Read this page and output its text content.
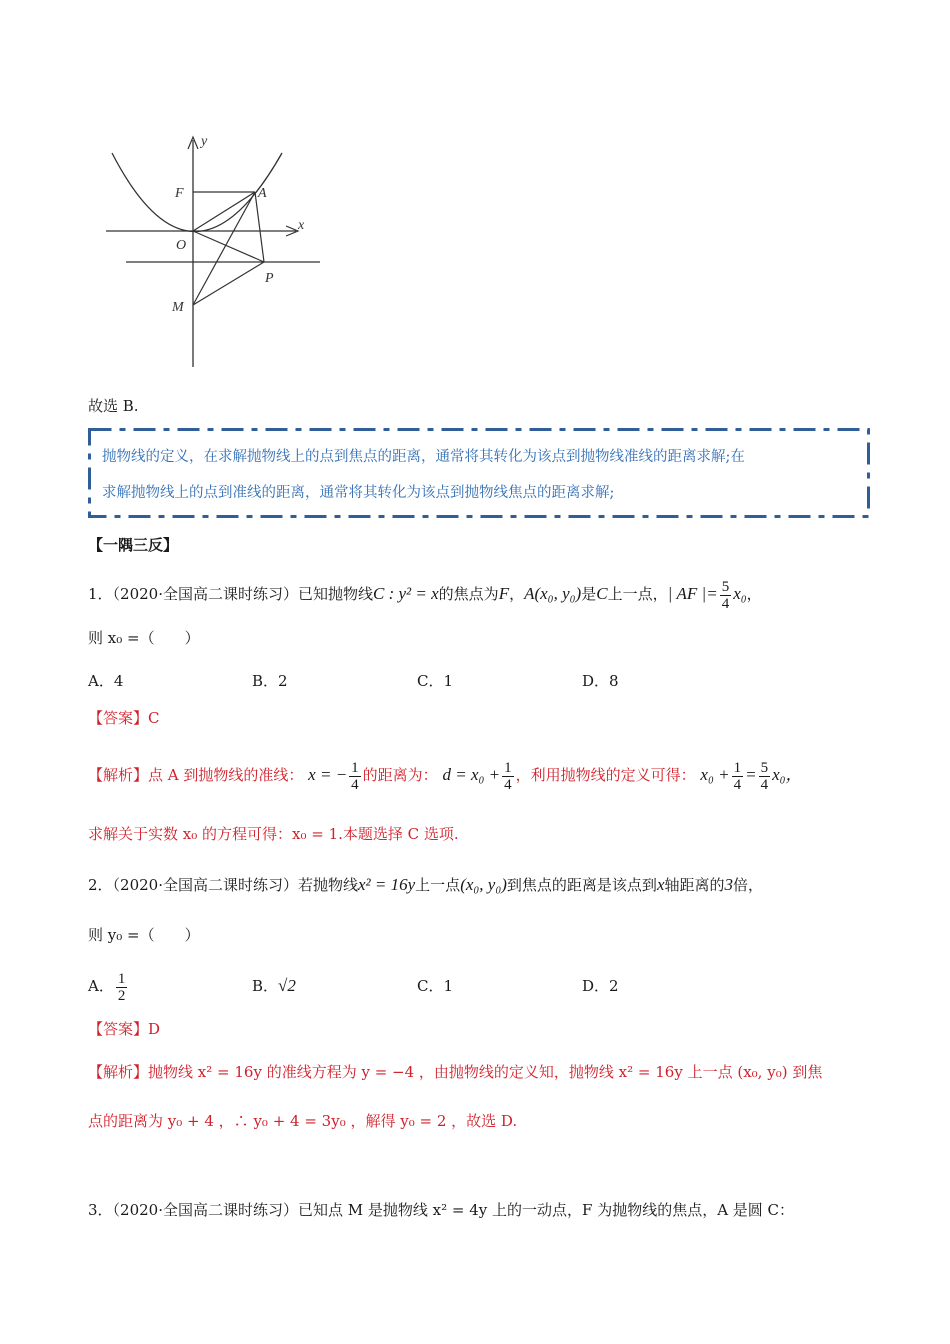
y
x
F	A
O
P
M
故选 B.
抛物线的定义，在求解抛物线上的点到焦点的距离，通常将其转化为该点到抛物线准线的距离求解;在
求解抛物线上的点到准线的距离，通常将其转化为该点到抛物线焦点的距离求解;
【一隅三反】
1．（2020·全国高二课时练习）已知抛物线C : y² = x的焦点为F，A(x₀, y₀)是C上一点，| AF |= $\frac{5}{4} x_0$，
则 x₀ =（　　）
A．4	B．2	C．1	D．8
【答案】C
【解析】点 A 到抛物线的准线： x = − $\frac{1}{4}$ 的距离为： $d = x_0 + \frac{1}{4}$ ，利用抛物线的定义可得： $x_0 + \frac{1}{4} = \frac{5}{4} x_0$，
求解关于实数 x₀ 的方程可得：x₀ = 1.本题选择 C 选项.
2．（2020·全国高二课时练习）若抛物线x² = 16y上一点(x₀, y₀)到焦点的距离是该点到x轴距离的3倍，
则 y₀ =（　　）
A． $\frac{1}{2}$	B．√2	C．1	D．2
【答案】D
【解析】抛物线 x² = 16y 的准线方程为 y = −4 ，由抛物线的定义知，抛物线 x² = 16y 上一点 (x₀, y₀) 到焦
点的距离为 y₀ + 4 ，∴ y₀ + 4 = 3y₀ ，解得 y₀ = 2 ，故选 D.
3．（2020·全国高二课时练习）已知点 M 是抛物线 x² = 4y 上的一动点，F 为抛物线的焦点，A 是圆 C：
